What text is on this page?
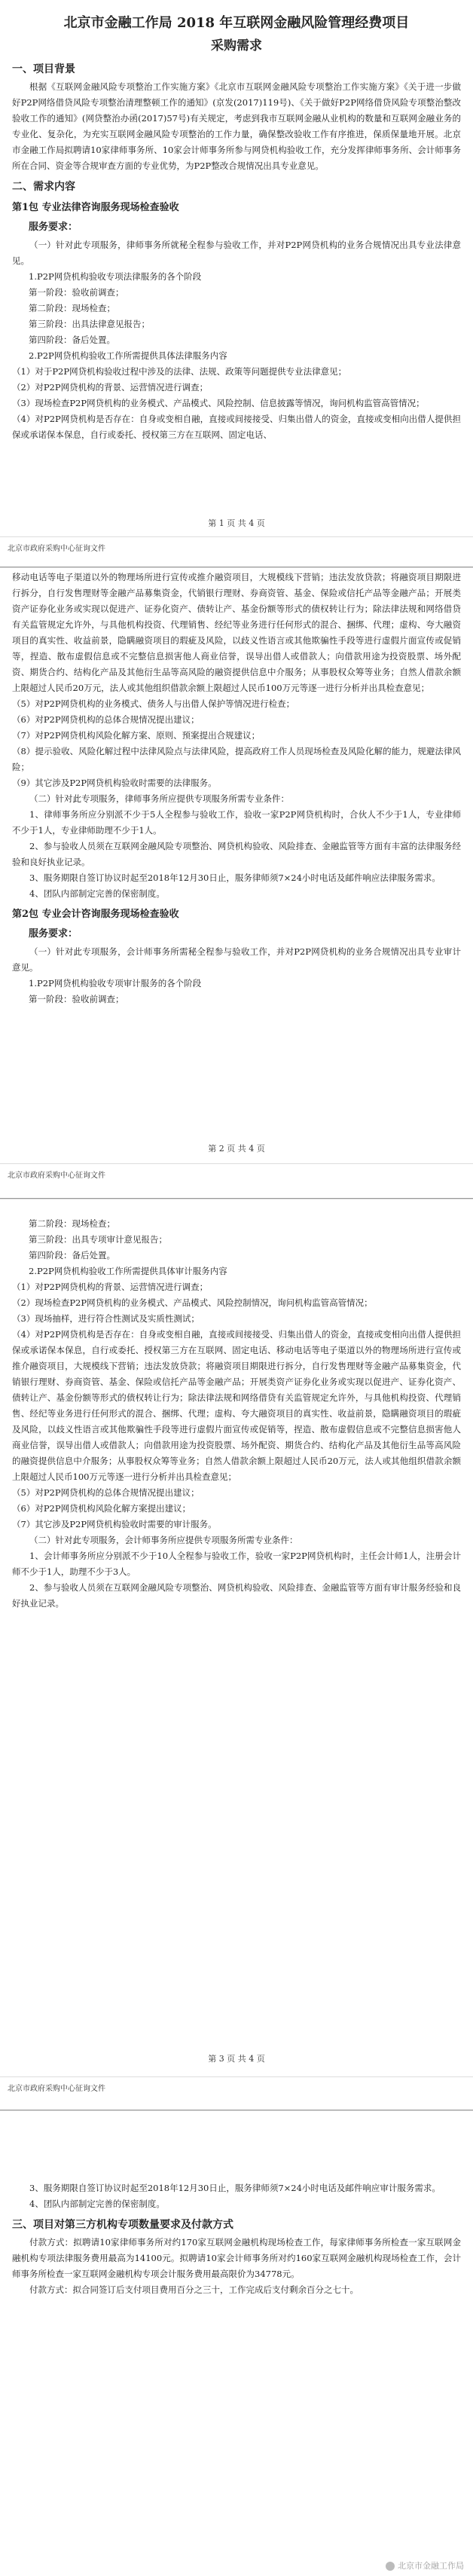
北京市金融工作局 2018 年互联网金融风险管理经费项目
采购需求
一、项目背景

根据《互联网金融风险专项整治工作实施方案》《北京市互联网金融风险专项整治工作实施方案》《关于进一步做好P2P网络借贷风险专项整治清理整顿工作的通知》(京发(2017)119号)、《关于做好P2P网络借贷风险专项整治整改验收工作的通知》(网贷整治办函(2017)57号)有关规定，考虑到我市互联网金融从业机构的数量和互联网金融业务的专业化、复杂化，为充实互联网金融风险专项整治的工作力量，确保整改验收工作有序推进，保质保量地开展。北京市金融工作局拟聘请10家律师事务所、10家会计师事务所参与网贷机构验收工作，充分发挥律师事务所、会计师事务所在合同、资金等合规审查方面的专业优势，为P2P整改合规情况出具专业意见。

二、需求内容
第1包 专业法律咨询服务现场检查验收
服务要求：

（一）针对此专项服务，律师事务所就秘全程参与验收工作，并对P2P网贷机构的业务合规情况出具专业法律意见。

1.P2P网贷机构验收专项法律服务的各个阶段

第一阶段：验收前调查；

第二阶段：现场检查；

第三阶段：出具法律意见报告；

第四阶段：备后处置。

2.P2P网贷机构验收工作所需提供具体法律服务内容

（1）对于P2P网贷机构验收过程中涉及的法律、法规、政策等问题提供专业法律意见；

（2）对P2P网贷机构的背景、运营情况进行调查；

（3）现场检查P2P网贷机构的业务模式、产品模式、风险控制、信息披露等情况，询问机构监管高管情况；

（4）对P2P网贷机构是否存在：自身或变相自融，直接或间接接受、归集出借人的资金，直接或变相向出借人提供担保或承诺保本保息，自行或委托、授权第三方在互联网、固定电话、

第 1 页 共 4 页
北京市政府采购中心征询文件

移动电话等电子渠道以外的物理场所进行宣传或推介融资项目，大规模线下营销；违法发放贷款；将融资项目期限进行拆分，自行发售理财等金融产品募集资金，代销银行理财、券商资管、基金、保险或信托产品等金融产品；开展类资产证券化业务或实现以促进产、证券化资产、债转让产、基金份额等形式的债权转让行为；除法律法规和网络借贷有关监管规定允许外，与具他机构投资、代理销售、经纪等业务进行任何形式的混合、捆绑、代理；虚构、夸大融资项目的真实性、收益前景，隐瞒融资项目的瑕疵及风险，以歧义性语言或其他欺骗性手段等进行虚假片面宣传或促销等，捏造、散布虚假信息或不完整信息损害他人商业信誉，误导出借人或借款人；向借款用途为投资股票、场外配资、期货合约、结构化产品及其他衍生品等高风险的融资提供信息中介服务；从事股权众筹等业务；自然人借款余额上限超过人民币20万元，法人或其他组织借款余额上限超过人民币100万元等逐一进行分析并出具检查意见；

（5）对P2P网贷机构的业务模式、债务人与出借人保护等情况进行检查；

（6）对P2P网贷机构的总体合规情况提出建议；

（7）对P2P网贷机构风险化解方案、原则、预案提出合规建议；

（8）提示验收、风险化解过程中法律风险点与法律风险，提高政府工作人员现场检查及风险化解的能力，规避法律风险；

（9）其它涉及P2P网贷机构验收时需要的法律服务。

（二）针对此专项服务，律师事务所应提供专项服务所需专业条件：

1、律师事务所应分别派不少于5人全程参与验收工作，验收一家P2P网贷机构时，合伙人不少于1人，专业律师不少于1人，专业律师助理不少于1人。

2、参与验收人员须在互联网金融风险专项整治、网贷机构验收、风险排查、金融监管等方面有丰富的法律服务经验和良好执业记录。

3、服务期限自签订协议时起至2018年12月30日止，服务律师须7×24小时电话及邮件响应法律服务需求。

4、团队内部制定完善的保密制度。

第2包 专业会计咨询服务现场检查验收
服务要求：

（一）针对此专项服务，会计师事务所需秘全程参与验收工作，并对P2P网贷机构的业务合规情况出具专业审计意见。

1.P2P网贷机构验收专项审计服务的各个阶段

第一阶段：验收前调查；

第 2 页 共 4 页
北京市政府采购中心征询文件

第二阶段：现场检查；

第三阶段：出具专项审计意见报告；

第四阶段：备后处置。

2.P2P网贷机构验收工作所需提供具体审计服务内容

（1）对P2P网贷机构的背景、运营情况进行调查；

（2）现场检查P2P网贷机构的业务模式、产品模式、风险控制情况，询问机构监管高管情况；

（3）现场抽样，进行符合性测试及实质性测试；

（4）对P2P网贷机构是否存在：自身或变相自融，直接或间接接受、归集出借人的资金，直接或变相向出借人提供担保或承诺保本保息，自行或委托、授权第三方在互联网、固定电话、移动电话等电子渠道以外的物理场所进行宣传或推介融资项目，大规模线下营销；违法发放贷款；将融资项目期限进行拆分，自行发售理财等金融产品募集资金，代销银行理财、券商资管、基金、保险或信托产品等金融产品；开展类资产证券化业务或实现以促进产、证券化资产、债转让产、基金份额等形式的债权转让行为；除法律法规和网络借贷有关监管规定允许外，与具他机构投资、代理销售、经纪等业务进行任何形式的混合、捆绑、代理；虚构、夸大融资项目的真实性、收益前景，隐瞒融资项目的瑕疵及风险，以歧义性语言或其他欺骗性手段等进行虚假片面宣传或促销等，捏造、散布虚假信息或不完整信息损害他人商业信誉，误导出借人或借款人；向借款用途为投资股票、场外配资、期货合约、结构化产品及其他衍生品等高风险的融资提供信息中介服务；从事股权众筹等业务；自然人借款余额上限超过人民币20万元，法人或其他组织借款余额上限超过人民币100万元等逐一进行分析并出具检查意见；

（5）对P2P网贷机构的总体合规情况提出建议；

（6）对P2P网贷机构风险化解方案提出建议；

（7）其它涉及P2P网贷机构验收时需要的审计服务。

（二）针对此专项服务，会计师事务所应提供专项服务所需专业条件：

1、会计师事务所应分别派不少于10人全程参与验收工作，验收一家P2P网贷机构时，主任会计师1人，注册会计师不少于1人，助理不少于3人。

2、参与验收人员须在互联网金融风险专项整治、网贷机构验收、风险排查、金融监管等方面有审计服务经验和良好执业记录。

第 3 页 共 4 页
北京市政府采购中心征询文件

3、服务期限自签订协议时起至2018年12月30日止，服务律师须7×24小时电话及邮件响应审计服务需求。

4、团队内部制定完善的保密制度。

三、项目对第三方机构专项数量要求及付款方式

付款方式：拟聘请10家律师事务所对约170家互联网金融机构现场检查工作，每家律师事务所检查一家互联网金融机构专项法律服务费用最高为14100元。拟聘请10家会计师事务所对约160家互联网金融机构现场检查工作，会计师事务所检查一家互联网金融机构专项会计服务费用最高限价为34778元。

付款方式：拟合同签订后支付项目费用百分之三十，工作完成后支付剩余百分之七十。

北京市金融工作局
